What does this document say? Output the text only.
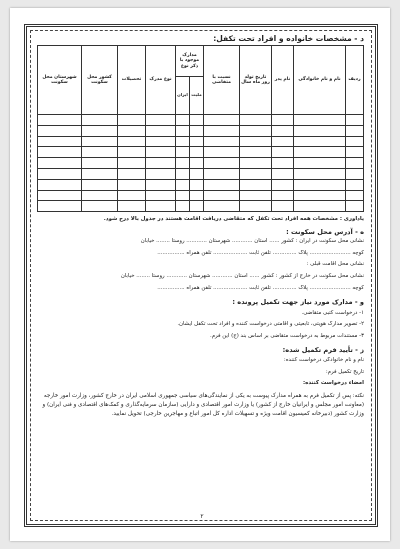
د - مشخصات خانواده و افراد تحت تکفل:
ردیف	نام و نام خانوادگی	نام پدر	تاریخ تولد روز ماه سال	نسبت با متقاضی	مدارک موجود با ذکر نوع		نوع مدرک	تحصیلات	کشور محل سکونت	شهرستان محل سکونت
					ملیت	ایران				

یادآوری : مشخصات همه افراد تحت تکفل که متقاضی دریافت اقامت هستند در جدول بالا درج شود.

ه - آدرس محل سکونت :

نشانی محل سکونت در ایران : کشور ...... استان ............ شهرستان ............ روستا ........ خیابان

کوچه ........................ پلاک .............. تلفن ثابت .................... تلفن همراه ................

نشانی محل اقامت قبلی :

نشانی محل سکونت در خارج از کشور : کشور ...... استان ............ شهرستان ............ روستا ........ خیابان

کوچه ........................ پلاک .............. تلفن ثابت .................... تلفن همراه ................

و - مدارک مورد نیاز جهت تکمیل پرونده :

۱- درخواست کتبی متقاضی.

۲- تصویر مدارک هویتی، تابعیتی و اقامتی درخواست کننده و افراد تحت تکفل ایشان.

۳- مستندات مربوط به درخواست متقاضی بر اساس بند (ج) این فرم.

ز - تأیید فرم تکمیل شده:

نام و نام خانوادگی درخواست کننده:

تاریخ تکمیل فرم:

امضاء درخواست کننده:

نکته: پس از تکمیل فرم به همراه مدارک پیوست به یکی از نمایندگی‌های سیاسی جمهوری اسلامی ایران در خارج کشور، وزارت امور خارجه (معاونت امور مجلس و ایرانیان خارج از کشور) یا وزارت امور اقتصادی و دارایی (سازمان سرمایه‌گذاری و کمک‌های اقتصادی و فنی ایران) و وزارت کشور (دبیرخانه کمیسیون اقامت ویژه و تسهیلات اداره کل امور اتباع و مهاجرین خارجی) تحویل نمایید.

۲
